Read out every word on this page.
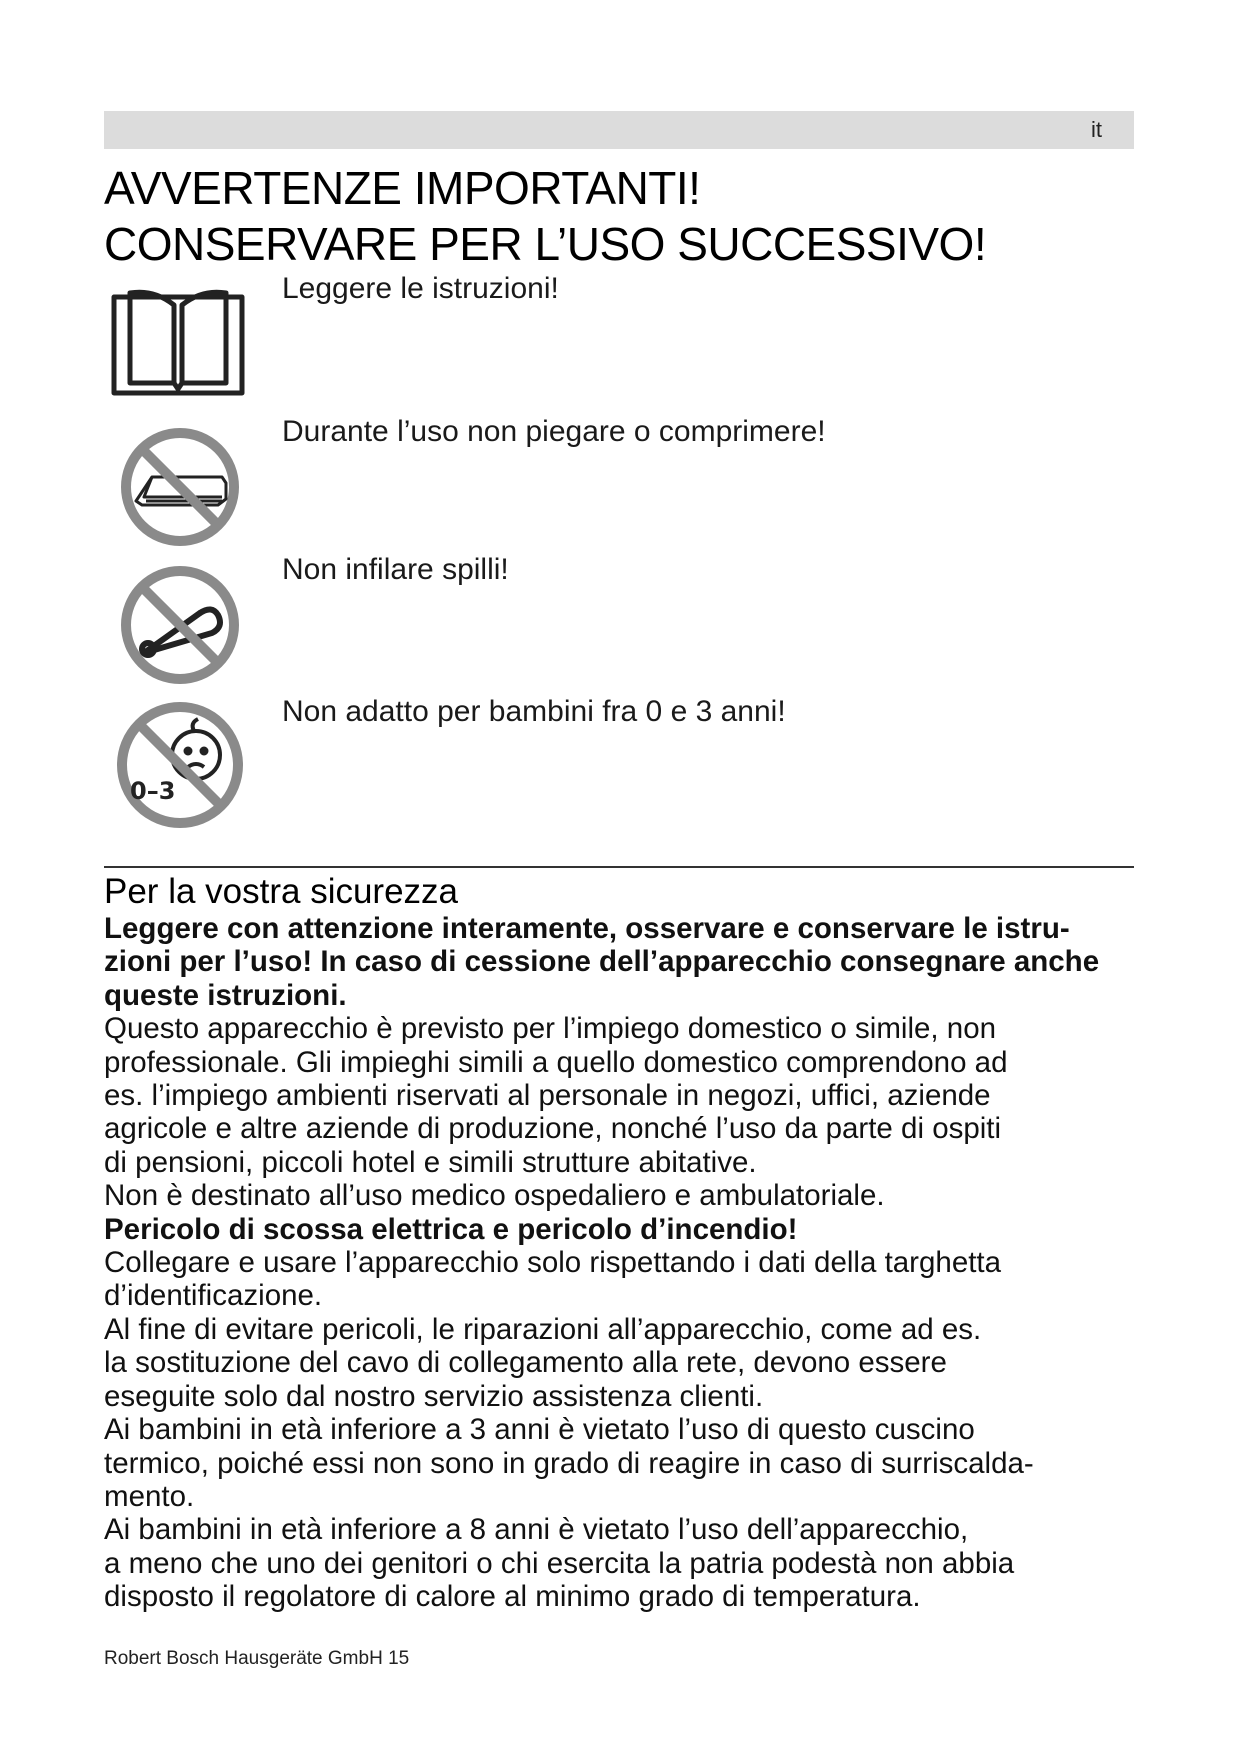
it
AVVERTENZE IMPORTANTI!
CONSERVARE PER L’USO SUCCESSIVO!
Leggere le istruzioni!
Durante l’uso non piegare o comprimere!
Non infilare spilli!
0–3
Non adatto per bambini fra 0 e 3 anni!
Per la vostra sicurezza
Leggere con attenzione interamente, osservare e conservare le istru-
zioni per l’uso! In caso di cessione dell’apparecchio consegnare anche
queste istruzioni.
Questo apparecchio è previsto per l’impiego domestico o simile, non
professionale. Gli impieghi simili a quello domestico comprendono ad
es. l’impiego ambienti riservati al personale in negozi, uffici, aziende
agricole e altre aziende di produzione, nonché l’uso da parte di ospiti
di pensioni, piccoli hotel e simili strutture abitative.
Non è destinato all’uso medico ospedaliero e ambulatoriale.
Pericolo di scossa elettrica e pericolo d’incendio!
Collegare e usare l’apparecchio solo rispettando i dati della targhetta
d’identificazione.
Al fine di evitare pericoli, le riparazioni all’apparecchio, come ad es.
la sostituzione del cavo di collegamento alla rete, devono essere
eseguite solo dal nostro servizio assistenza clienti.
Ai bambini in età inferiore a 3 anni è vietato l’uso di questo cuscino
termico, poiché essi non sono in grado di reagire in caso di surriscalda-
mento.
Ai bambini in età inferiore a 8 anni è vietato l’uso dell’apparecchio,
a meno che uno dei genitori o chi esercita la patria podestà non abbia
disposto il regolatore di calore al minimo grado di temperatura.
Robert Bosch Hausgeräte GmbH 15
